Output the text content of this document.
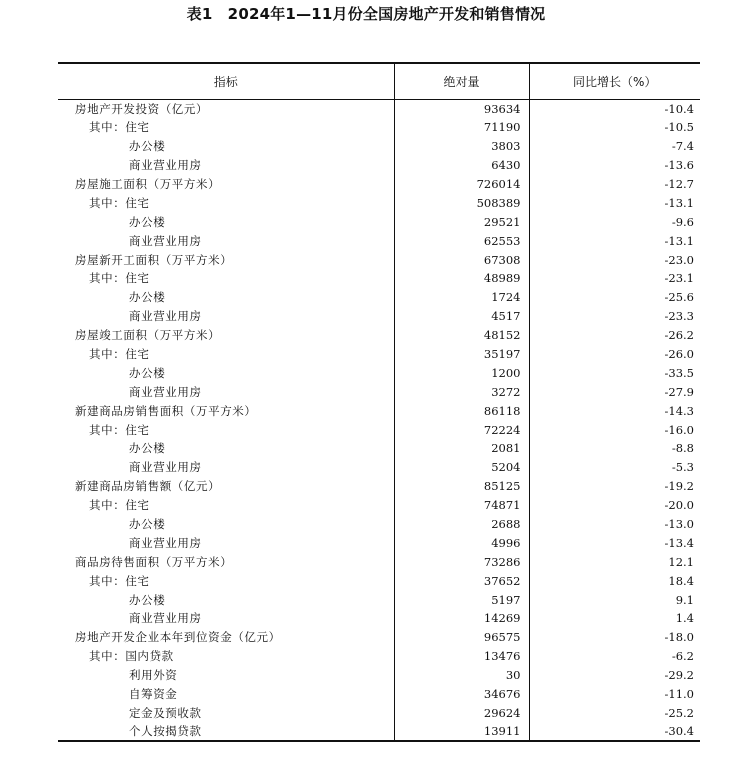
表1　2024年1—11月份全国房地产开发和销售情况
指标	绝对量	同比增长（%）
房地产开发投资（亿元）	93634	-10.4
其中：住宅	71190	-10.5
办公楼	3803	-7.4
商业营业用房	6430	-13.6
房屋施工面积（万平方米）	726014	-12.7
其中：住宅	508389	-13.1
办公楼	29521	-9.6
商业营业用房	62553	-13.1
房屋新开工面积（万平方米）	67308	-23.0
其中：住宅	48989	-23.1
办公楼	1724	-25.6
商业营业用房	4517	-23.3
房屋竣工面积（万平方米）	48152	-26.2
其中：住宅	35197	-26.0
办公楼	1200	-33.5
商业营业用房	3272	-27.9
新建商品房销售面积（万平方米）	86118	-14.3
其中：住宅	72224	-16.0
办公楼	2081	-8.8
商业营业用房	5204	-5.3
新建商品房销售额（亿元）	85125	-19.2
其中：住宅	74871	-20.0
办公楼	2688	-13.0
商业营业用房	4996	-13.4
商品房待售面积（万平方米）	73286	12.1
其中：住宅	37652	18.4
办公楼	5197	9.1
商业营业用房	14269	1.4
房地产开发企业本年到位资金（亿元）	96575	-18.0
其中：国内贷款	13476	-6.2
利用外资	30	-29.2
自筹资金	34676	-11.0
定金及预收款	29624	-25.2
个人按揭贷款	13911	-30.4
